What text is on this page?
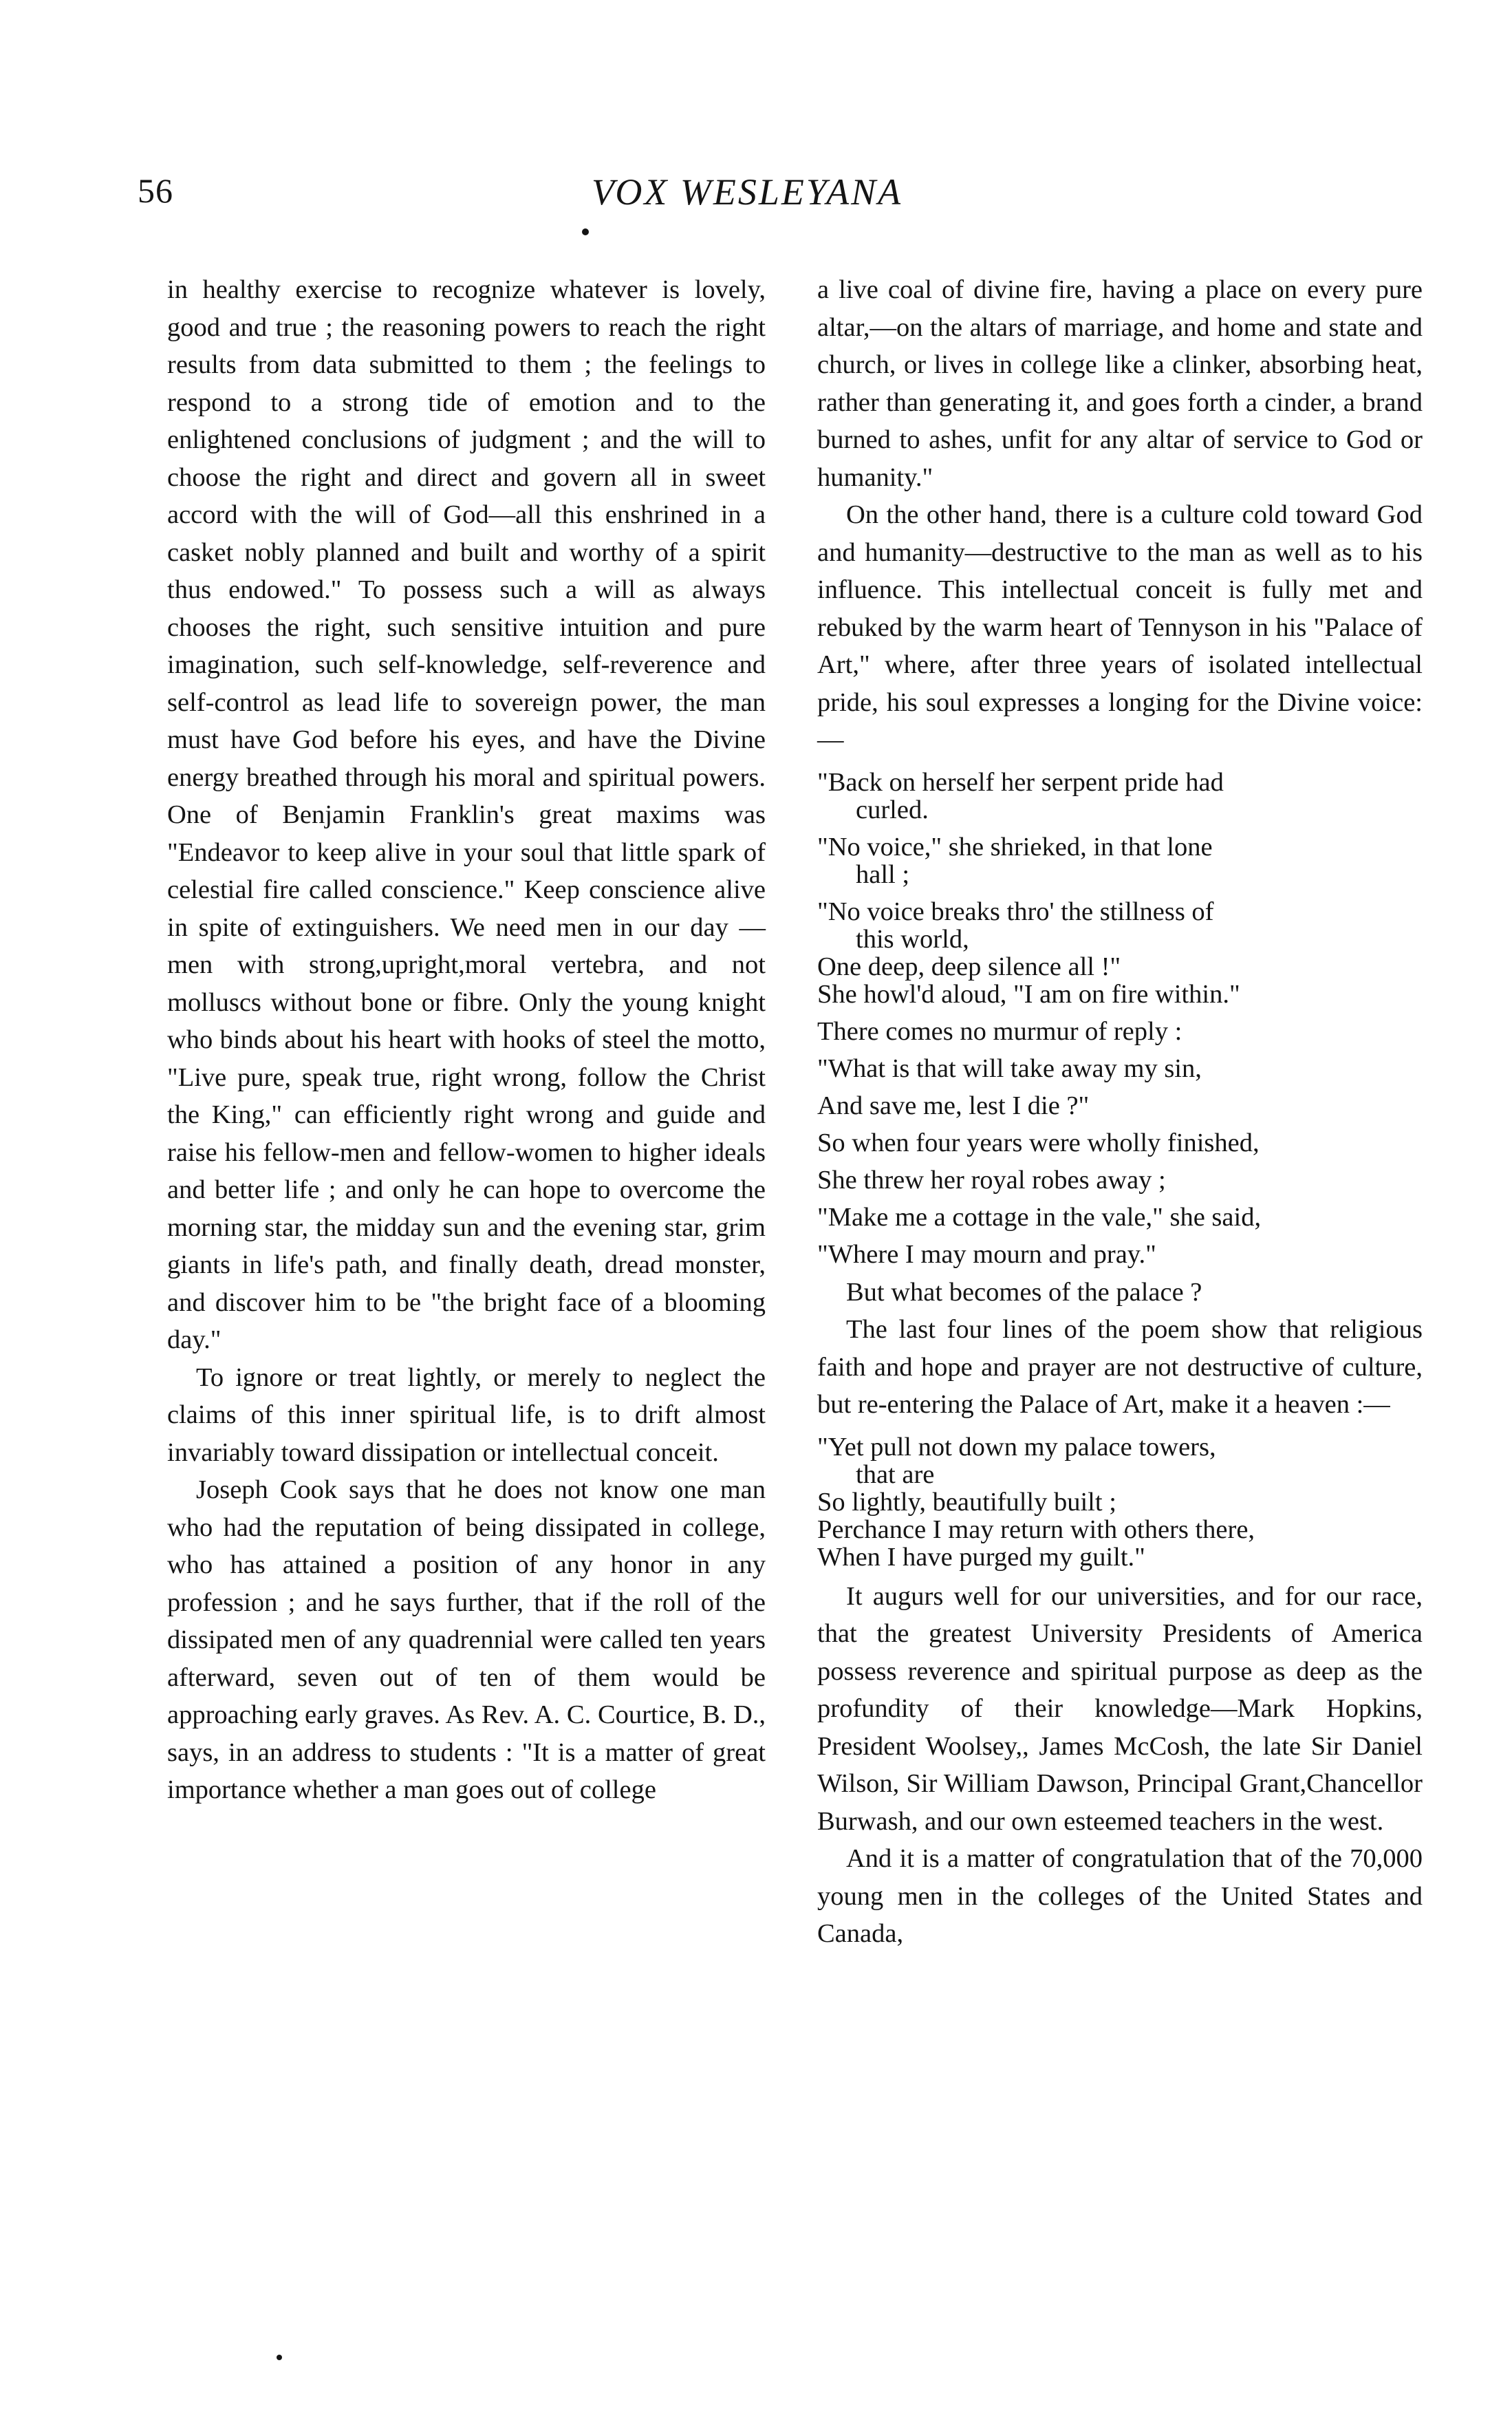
56	VOX WESLEYANA

in healthy exercise to recognize whatever is lovely, good and true ; the reasoning powers to reach the right results from data submitted to them ; the feelings to respond to a strong tide of emotion and to the enlightened conclusions of judgment ; and the will to choose the right and direct and govern all in sweet accord with the will of God—all this enshrined in a casket nobly planned and built and worthy of a spirit thus endowed." To possess such a will as always chooses the right, such sensitive intuition and pure imagination, such self-knowledge, self-reverence and self-control as lead life to sovereign power, the man must have God before his eyes, and have the Divine energy breathed through his moral and spiritual powers. One of Benjamin Franklin's great maxims was "Endeavor to keep alive in your soul that little spark of celestial fire called conscience." Keep conscience alive in spite of extinguishers. We need men in our day —men with strong,upright,moral vertebra, and not molluscs without bone or fibre. Only the young knight who binds about his heart with hooks of steel the motto, "Live pure, speak true, right wrong, follow the Christ the King," can efficiently right wrong and guide and raise his fellow-men and fellow-women to higher ideals and better life ; and only he can hope to overcome the morning star, the midday sun and the evening star, grim giants in life's path, and finally death, dread monster, and discover him to be "the bright face of a blooming day."

To ignore or treat lightly, or merely to neglect the claims of this inner spiritual life, is to drift almost invariably toward dissipation or intellectual conceit.

Joseph Cook says that he does not know one man who had the reputation of being dissipated in college, who has attained a position of any honor in any profession ; and he says further, that if the roll of the dissipated men of any quadrennial were called ten years afterward, seven out of ten of them would be approaching early graves. As Rev. A. C. Courtice, B. D., says, in an address to students : "It is a matter of great importance whether a man goes out of college

a live coal of divine fire, having a place on every pure altar,—on the altars of marriage, and home and state and church, or lives in college like a clinker, absorbing heat, rather than generating it, and goes forth a cinder, a brand burned to ashes, unfit for any altar of service to God or humanity."

On the other hand, there is a culture cold toward God and humanity—destructive to the man as well as to his influence. This intellectual conceit is fully met and rebuked by the warm heart of Tennyson in his "Palace of Art," where, after three years of isolated intellectual pride, his soul expresses a longing for the Divine voice:—

"Back on herself her serpent pride had
curled.
"No voice," she shrieked, in that lone
hall ;
"No voice breaks thro' the stillness of
this world,
One deep, deep silence all !"
She howl'd aloud, "I am on fire within."
There comes no murmur of reply :
"What is that will take away my sin,
And save me, lest I die ?"
So when four years were wholly finished,
She threw her royal robes away ;
"Make me a cottage in the vale," she said,
"Where I may mourn and pray."

But what becomes of the palace ?

The last four lines of the poem show that religious faith and hope and prayer are not destructive of culture, but re-entering the Palace of Art, make it a heaven :—

"Yet pull not down my palace towers,
that are
So lightly, beautifully built ;
Perchance I may return with others there,
When I have purged my guilt."

It augurs well for our universities, and for our race, that the greatest University Presidents of America possess reverence and spiritual purpose as deep as the profundity of their knowledge—Mark Hopkins, President Woolsey,, James McCosh, the late Sir Daniel Wilson, Sir William Dawson, Principal Grant,Chancellor Burwash, and our own esteemed teachers in the west.

And it is a matter of congratulation that of the 70,000 young men in the colleges of the United States and Canada,
